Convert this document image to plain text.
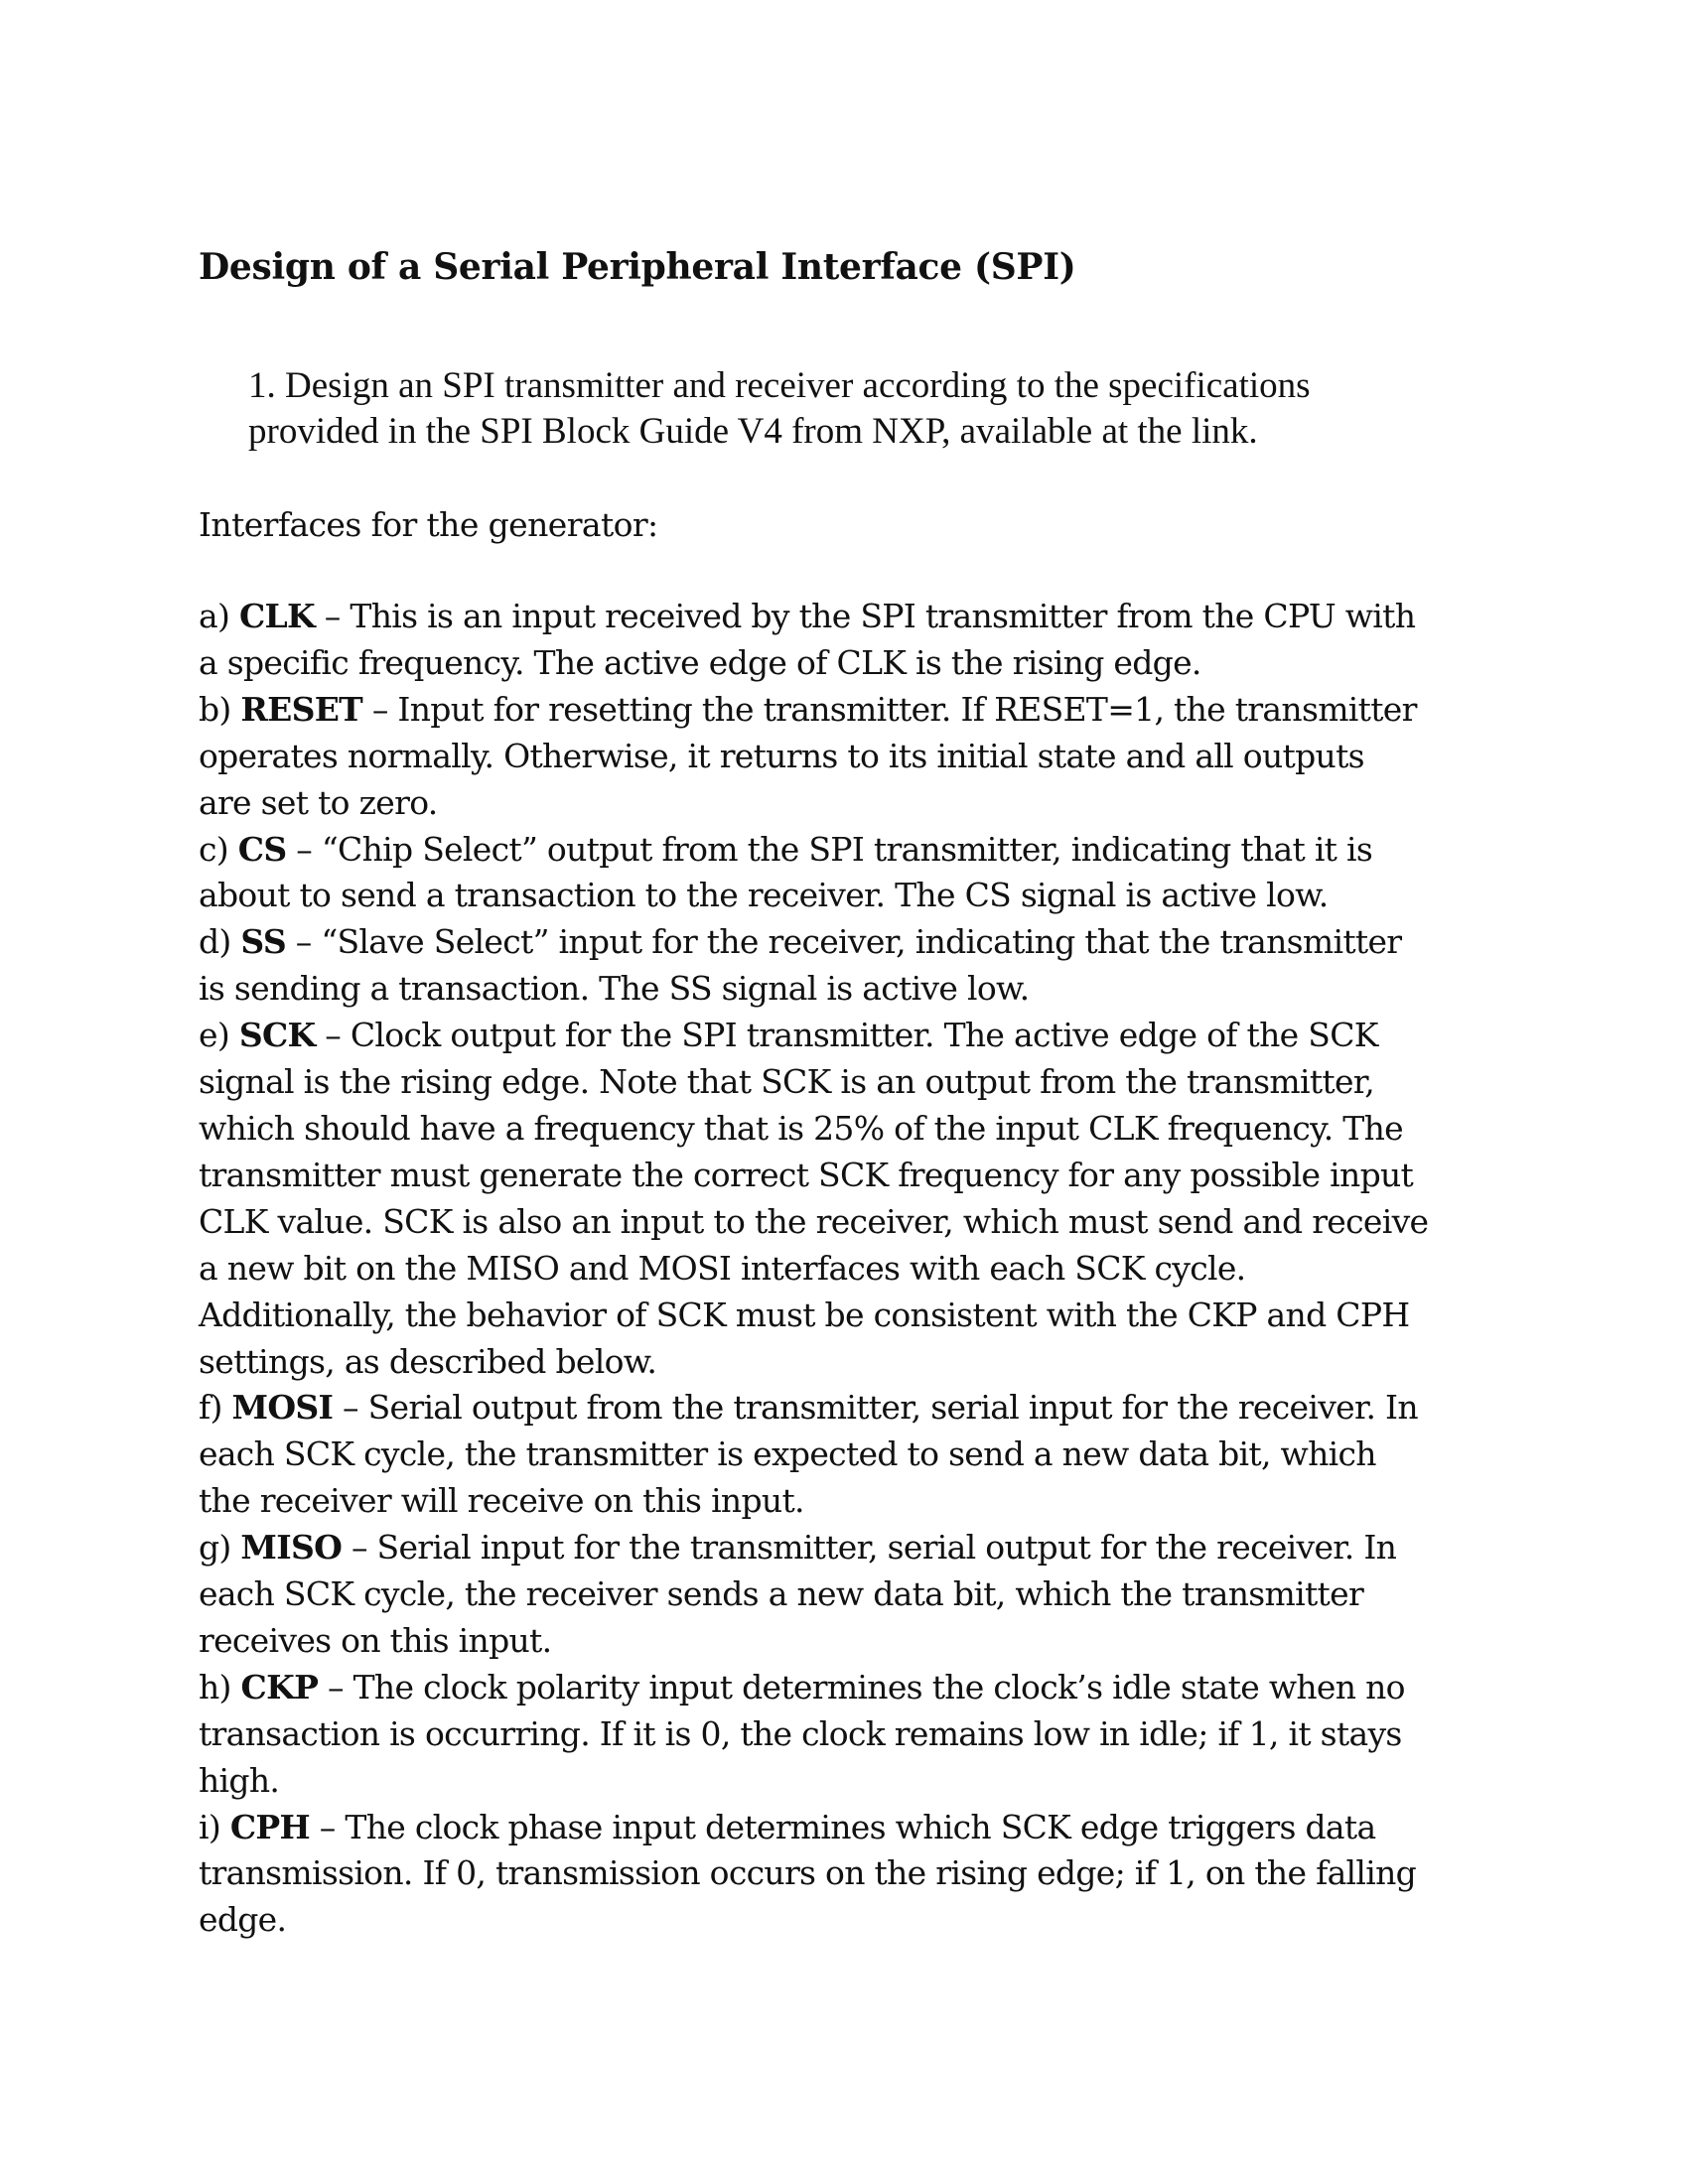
Design of a Serial Peripheral Interface (SPI)
1. Design an SPI transmitter and receiver according to the specifications
provided in the SPI Block Guide V4 from NXP, available at the link.

Interfaces for the generator:

a) CLK – This is an input received by the SPI transmitter from the CPU with
a specific frequency. The active edge of CLK is the rising edge.
b) RESET – Input for resetting the transmitter. If RESET=1, the transmitter
operates normally. Otherwise, it returns to its initial state and all outputs
are set to zero.
c) CS – “Chip Select” output from the SPI transmitter, indicating that it is
about to send a transaction to the receiver. The CS signal is active low.
d) SS – “Slave Select” input for the receiver, indicating that the transmitter
is sending a transaction. The SS signal is active low.
e) SCK – Clock output for the SPI transmitter. The active edge of the SCK
signal is the rising edge. Note that SCK is an output from the transmitter,
which should have a frequency that is 25% of the input CLK frequency. The
transmitter must generate the correct SCK frequency for any possible input
CLK value. SCK is also an input to the receiver, which must send and receive
a new bit on the MISO and MOSI interfaces with each SCK cycle.
Additionally, the behavior of SCK must be consistent with the CKP and CPH
settings, as described below.
f) MOSI – Serial output from the transmitter, serial input for the receiver. In
each SCK cycle, the transmitter is expected to send a new data bit, which
the receiver will receive on this input.
g) MISO – Serial input for the transmitter, serial output for the receiver. In
each SCK cycle, the receiver sends a new data bit, which the transmitter
receives on this input.
h) CKP – The clock polarity input determines the clock’s idle state when no
transaction is occurring. If it is 0, the clock remains low in idle; if 1, it stays
high.
i) CPH – The clock phase input determines which SCK edge triggers data
transmission. If 0, transmission occurs on the rising edge; if 1, on the falling
edge.
